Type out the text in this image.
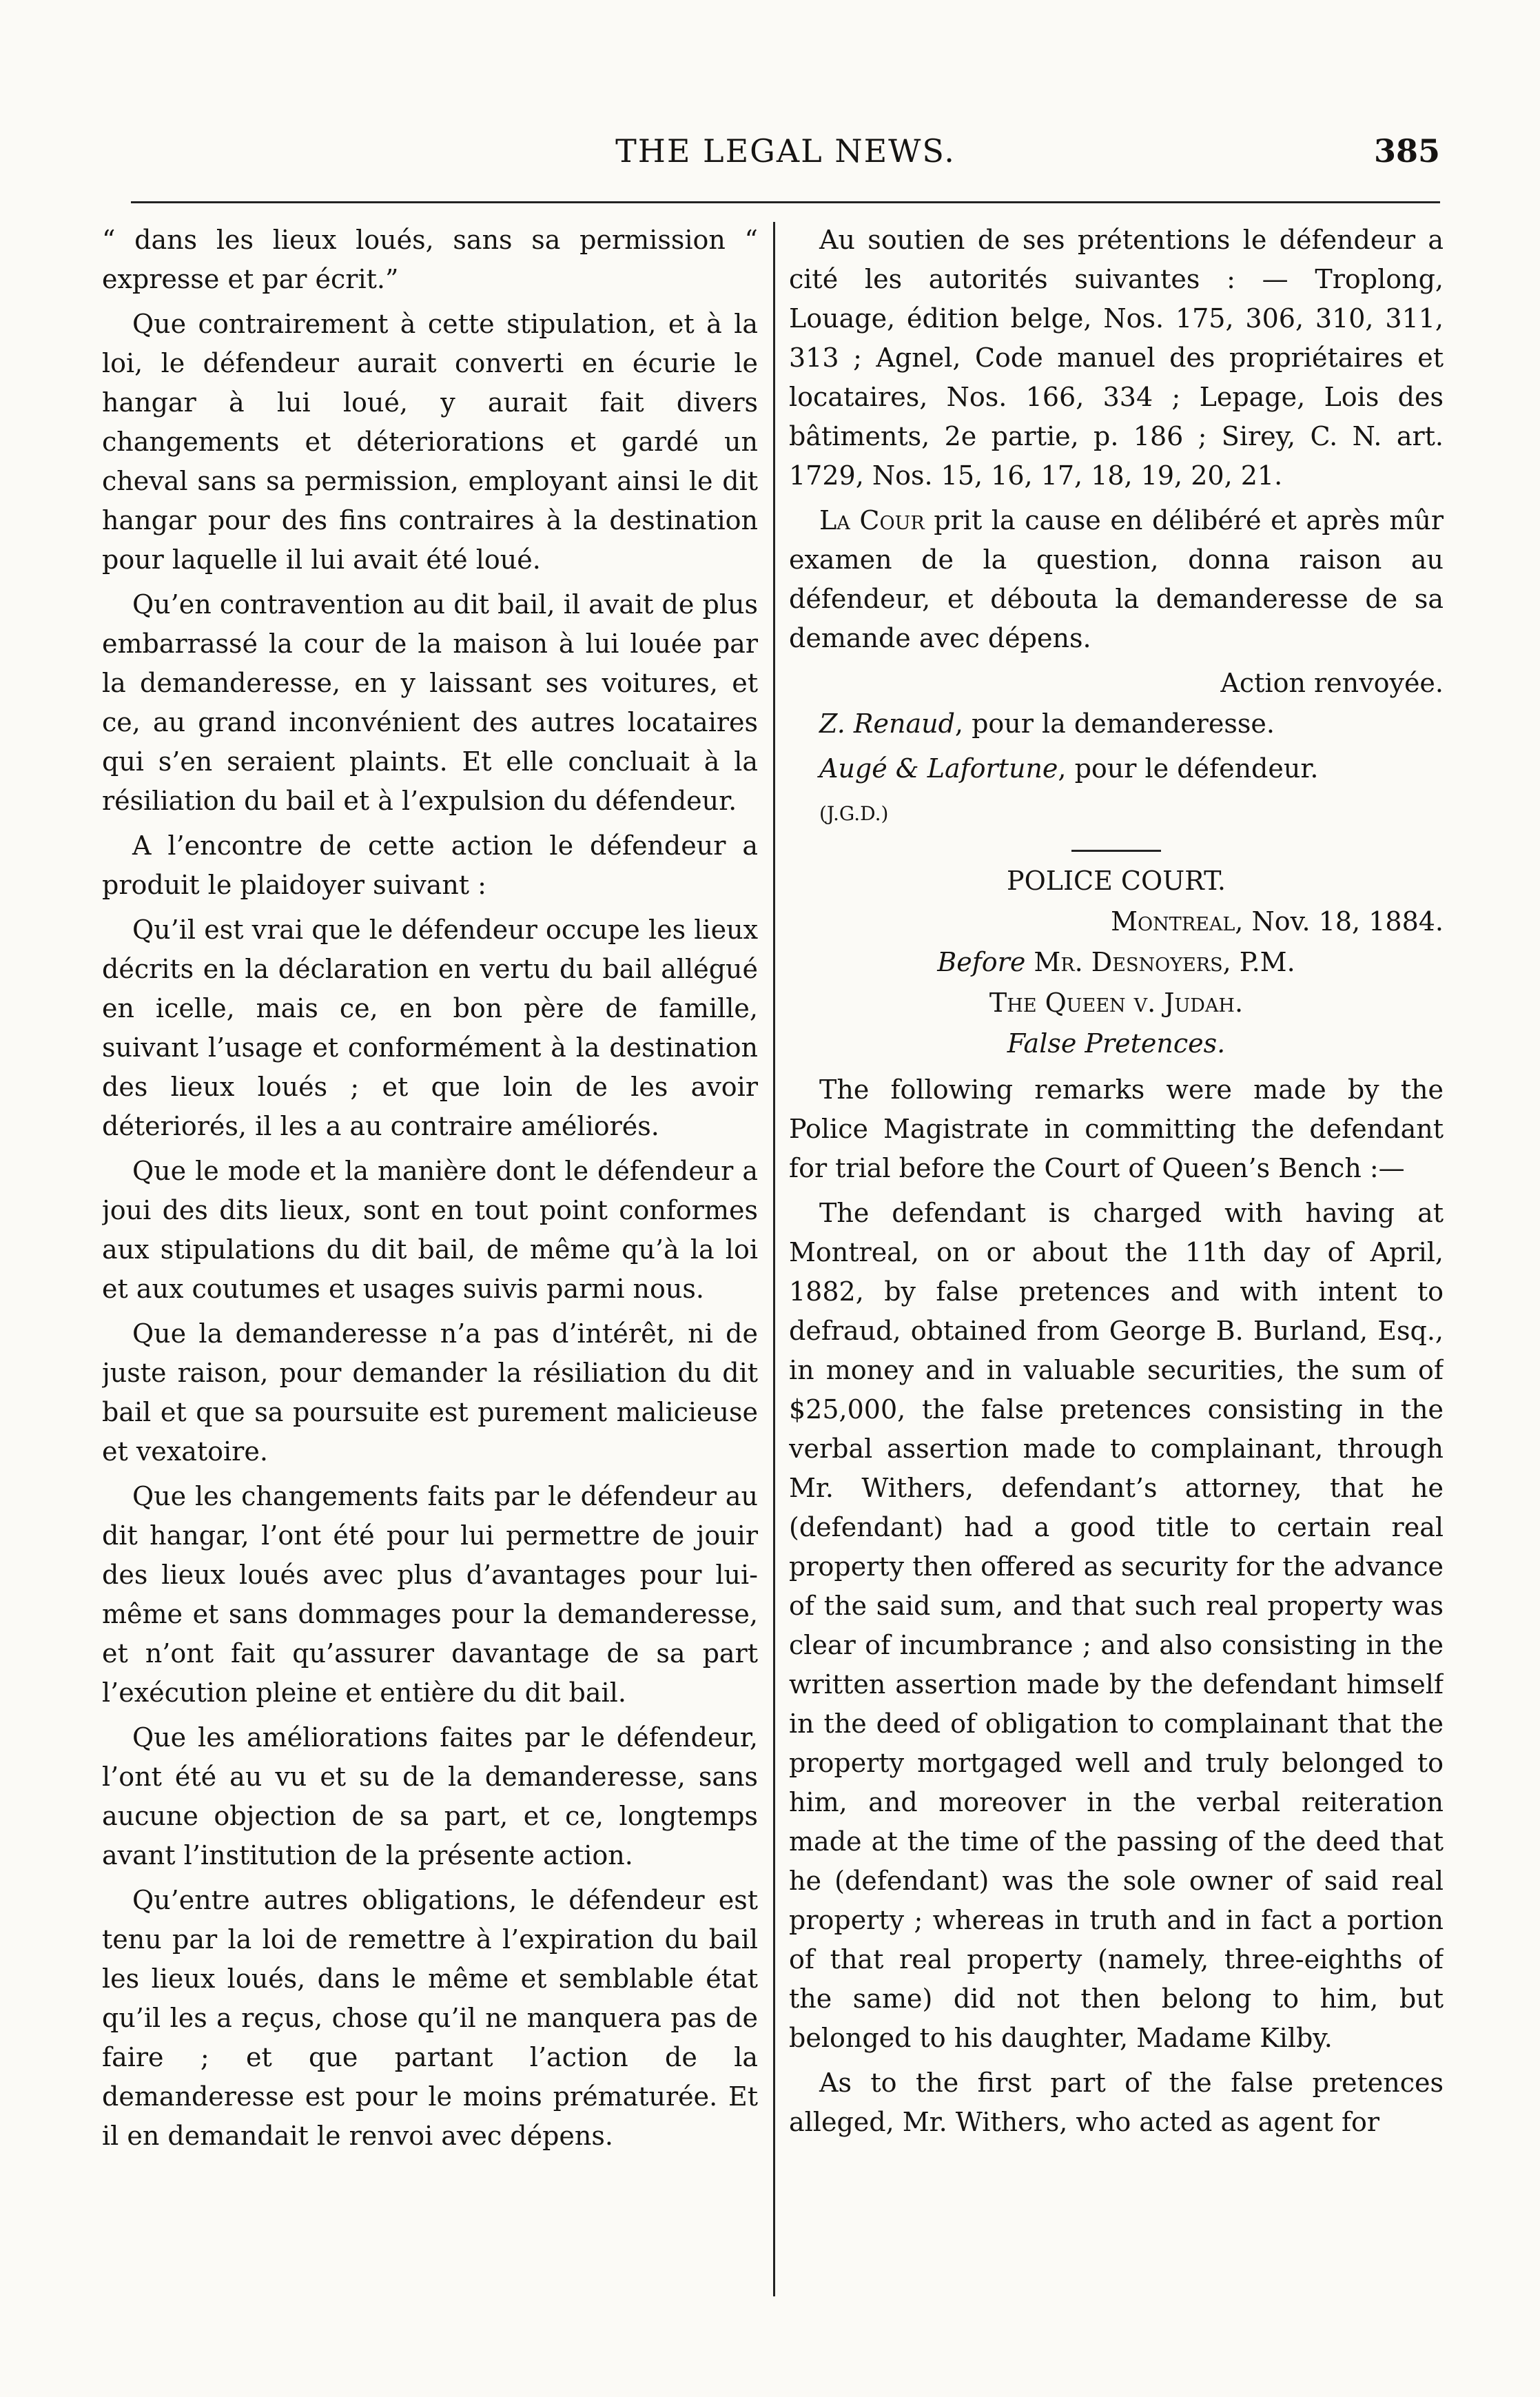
THE LEGAL NEWS.	385

“ dans les lieux loués, sans sa permission “ expresse et par écrit.”

Que contrairement à cette stipulation, et à la loi, le défendeur aurait converti en écurie le hangar à lui loué, y aurait fait divers changements et déteriorations et gardé un cheval sans sa permission, employant ainsi le dit hangar pour des fins contraires à la destination pour laquelle il lui avait été loué.

Qu’en contravention au dit bail, il avait de plus embarrassé la cour de la maison à lui louée par la demanderesse, en y laissant ses voitures, et ce, au grand inconvénient des autres locataires qui s’en seraient plaints. Et elle concluait à la résiliation du bail et à l’expulsion du défendeur.

A l’encontre de cette action le défendeur a produit le plaidoyer suivant :

Qu’il est vrai que le défendeur occupe les lieux décrits en la déclaration en vertu du bail allégué en icelle, mais ce, en bon père de famille, suivant l’usage et conformément à la destination des lieux loués ; et que loin de les avoir déteriorés, il les a au contraire améliorés.

Que le mode et la manière dont le défendeur a joui des dits lieux, sont en tout point conformes aux stipulations du dit bail, de même qu’à la loi et aux coutumes et usages suivis parmi nous.

Que la demanderesse n’a pas d’intérêt, ni de juste raison, pour demander la résiliation du dit bail et que sa poursuite est purement malicieuse et vexatoire.

Que les changements faits par le défendeur au dit hangar, l’ont été pour lui permettre de jouir des lieux loués avec plus d’avantages pour lui-même et sans dommages pour la demanderesse, et n’ont fait qu’assurer davantage de sa part l’exécution pleine et entière du dit bail.

Que les améliorations faites par le défendeur, l’ont été au vu et su de la demanderesse, sans aucune objection de sa part, et ce, longtemps avant l’institution de la présente action.

Qu’entre autres obligations, le défendeur est tenu par la loi de remettre à l’expiration du bail les lieux loués, dans le même et semblable état qu’il les a reçus, chose qu’il ne manquera pas de faire ; et que partant l’action de la demanderesse est pour le moins prématurée. Et il en demandait le renvoi avec dépens.

Au soutien de ses prétentions le défendeur a cité les autorités suivantes : — Troplong, Louage, édition belge, Nos. 175, 306, 310, 311, 313 ; Agnel, Code manuel des propriétaires et locataires, Nos. 166, 334 ; Lepage, Lois des bâtiments, 2e partie, p. 186 ; Sirey, C. N. art. 1729, Nos. 15, 16, 17, 18, 19, 20, 21.

La Cour prit la cause en délibéré et après mûr examen de la question, donna raison au défendeur, et débouta la demanderesse de sa demande avec dépens.

Action renvoyée.

Z. Renaud, pour la demanderesse.

Augé & Lafortune, pour le défendeur.

(J.G.D.)

POLICE COURT.
Montreal, Nov. 18, 1884.
Before Mr. Desnoyers, P.M.
The Queen v. Judah.
False Pretences.

The following remarks were made by the Police Magistrate in committing the defendant for trial before the Court of Queen’s Bench :—

The defendant is charged with having at Montreal, on or about the 11th day of April, 1882, by false pretences and with intent to defraud, obtained from George B. Burland, Esq., in money and in valuable securities, the sum of $25,000, the false pretences consisting in the verbal assertion made to complainant, through Mr. Withers, defendant’s attorney, that he (defendant) had a good title to certain real property then offered as security for the advance of the said sum, and that such real property was clear of incumbrance ; and also consisting in the written assertion made by the defendant himself in the deed of obligation to complainant that the property mortgaged well and truly belonged to him, and moreover in the verbal reiteration made at the time of the passing of the deed that he (defendant) was the sole owner of said real property ; whereas in truth and in fact a portion of that real property (namely, three-eighths of the same) did not then belong to him, but belonged to his daughter, Madame Kilby.

As to the first part of the false pretences alleged, Mr. Withers, who acted as agent for
